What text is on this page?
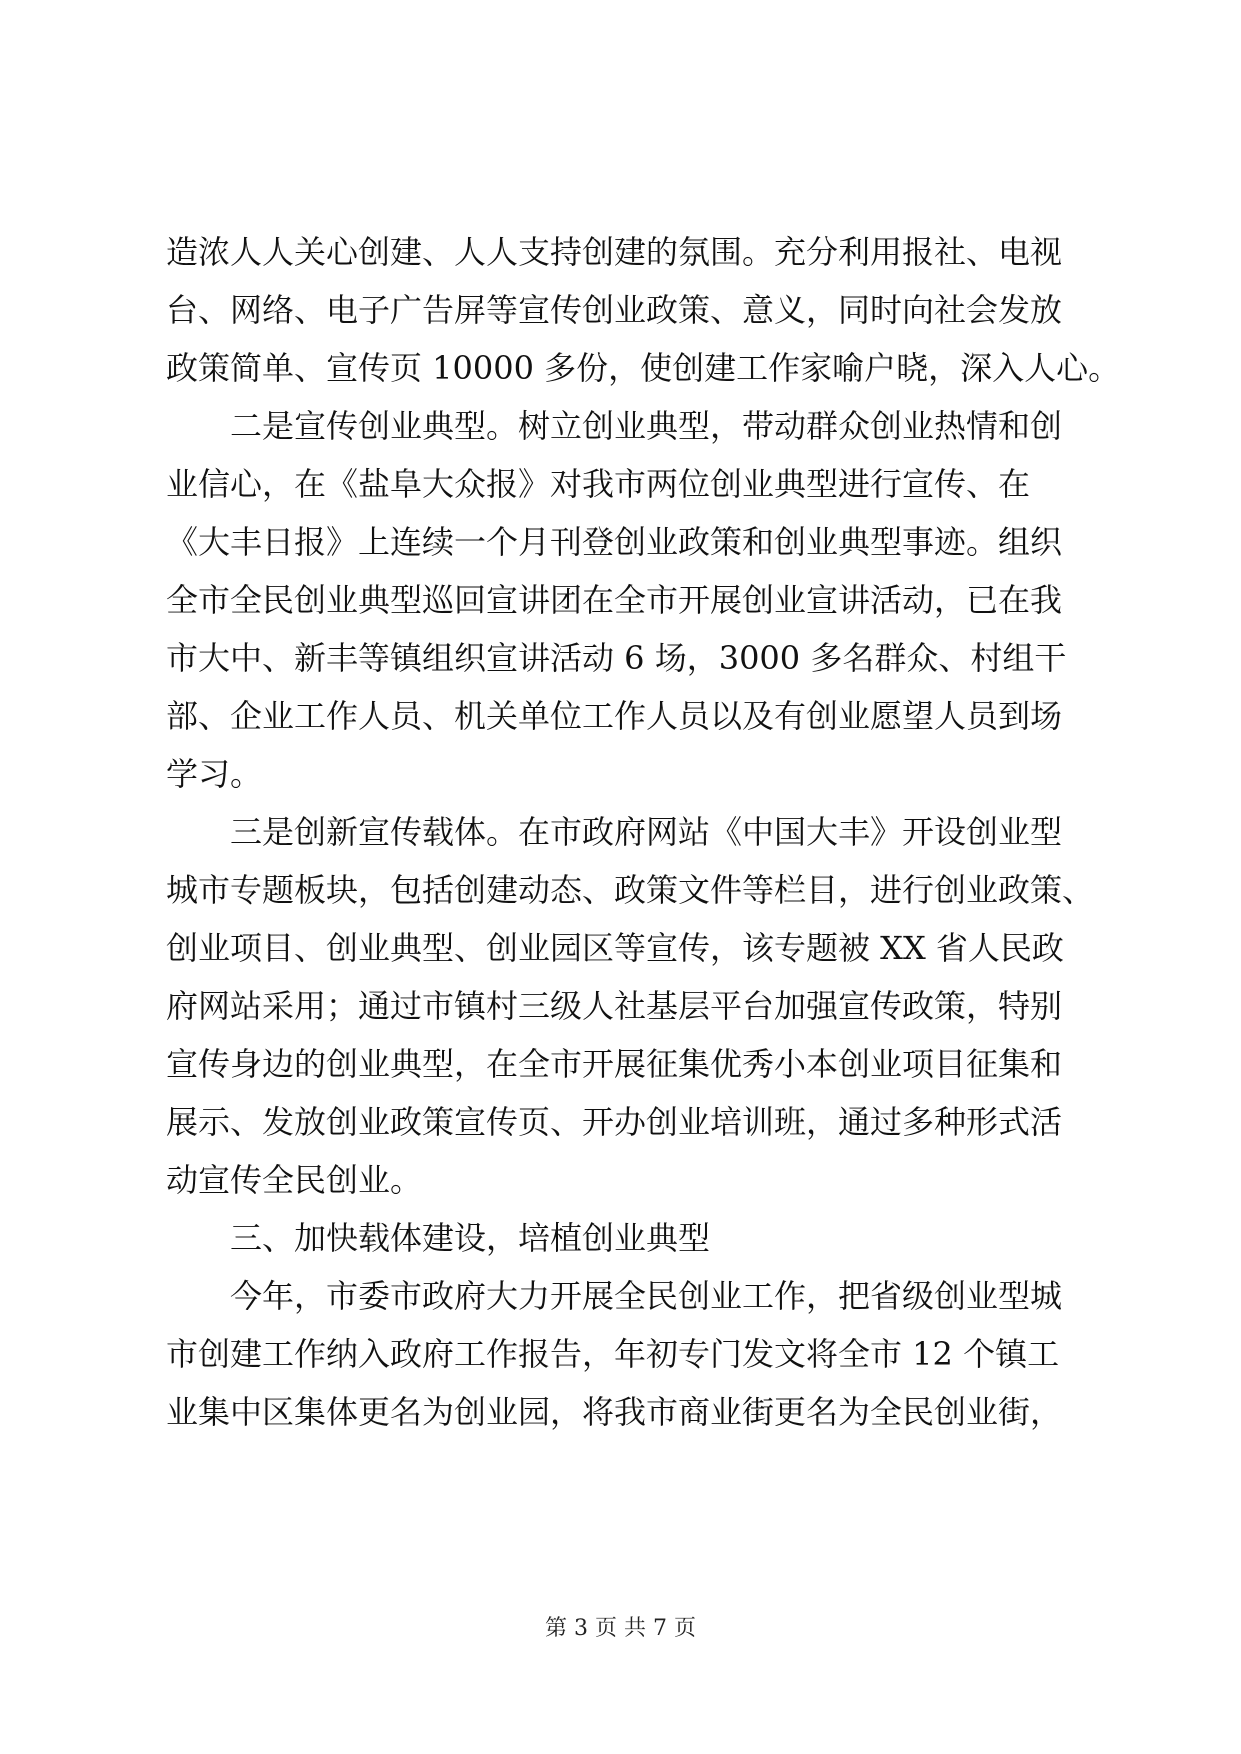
造浓人人关心创建、人人支持创建的氛围。充分利用报社、电视
台、网络、电子广告屏等宣传创业政策、意义，同时向社会发放
政策简单、宣传页 10000 多份，使创建工作家喻户晓，深入人心。
二是宣传创业典型。树立创业典型，带动群众创业热情和创
业信心，在《盐阜大众报》对我市两位创业典型进行宣传、在
《大丰日报》上连续一个月刊登创业政策和创业典型事迹。组织
全市全民创业典型巡回宣讲团在全市开展创业宣讲活动，已在我
市大中、新丰等镇组织宣讲活动 6 场，3000 多名群众、村组干
部、企业工作人员、机关单位工作人员以及有创业愿望人员到场
学习。
三是创新宣传载体。在市政府网站《中国大丰》开设创业型
城市专题板块，包括创建动态、政策文件等栏目，进行创业政策、
创业项目、创业典型、创业园区等宣传，该专题被 XX 省人民政
府网站采用；通过市镇村三级人社基层平台加强宣传政策，特别
宣传身边的创业典型，在全市开展征集优秀小本创业项目征集和
展示、发放创业政策宣传页、开办创业培训班，通过多种形式活
动宣传全民创业。
三、加快载体建设，培植创业典型
今年，市委市政府大力开展全民创业工作，把省级创业型城
市创建工作纳入政府工作报告，年初专门发文将全市 12 个镇工
业集中区集体更名为创业园，将我市商业街更名为全民创业街，
第 3 页 共 7 页
